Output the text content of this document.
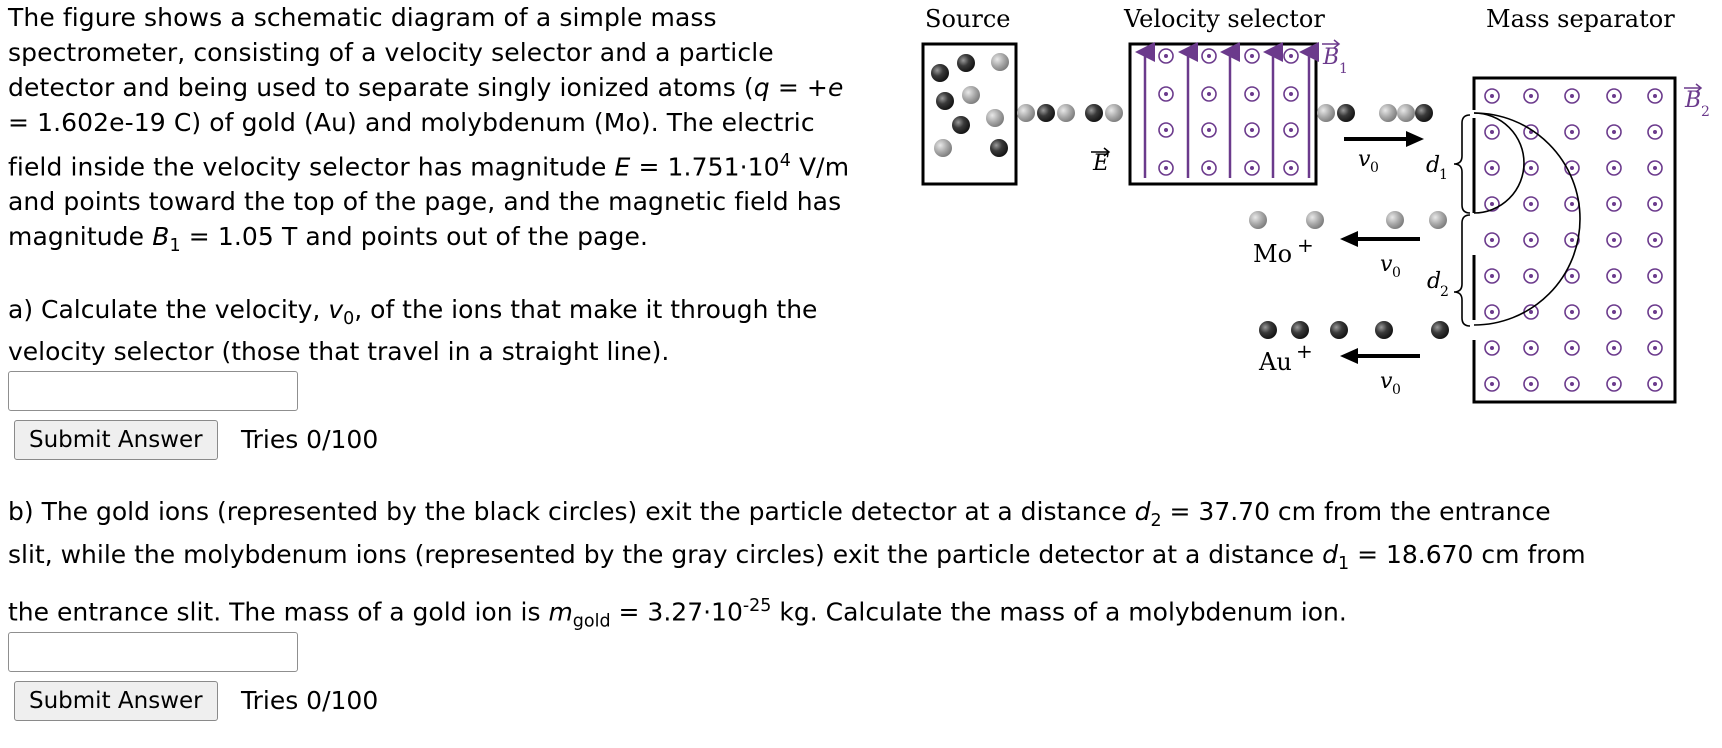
The figure shows a schematic diagram of a simple mass

spectrometer, consisting of a velocity selector and a particle

detector and being used to separate singly ionized atoms (q = +e

= 1.602e-19 C) of gold (Au) and molybdenum (Mo). The electric

field inside the velocity selector has magnitude $E = 1.751\cdot 10^4$ V/m

and points toward the top of the page, and the magnetic field has

magnitude $B_1 = 1.05$ T and points out of the page.

a) Calculate the velocity, $v_0$, of the ions that make it through the
velocity selector (those that travel in a straight line).
Submit Answer	Tries 0/100
b) The gold ions (represented by the black circles) exit the particle detector at a distance $d_2 = 37.70$ cm from the entrance
slit, while the molybdenum ions (represented by the gray circles) exit the particle detector at a distance $d_1 = 18.670$ cm from
the entrance slit. The mass of a gold ion is $m_{gold} = 3.27\cdot 10^{-25}$ kg. Calculate the mass of a molybdenum ion.
Submit Answer	Tries 0/100
Source	Velocity selector	Mass separator
E
B 1
v 0
B 2
d
1
d
2
v 0
Mo +
v 0
Au +
